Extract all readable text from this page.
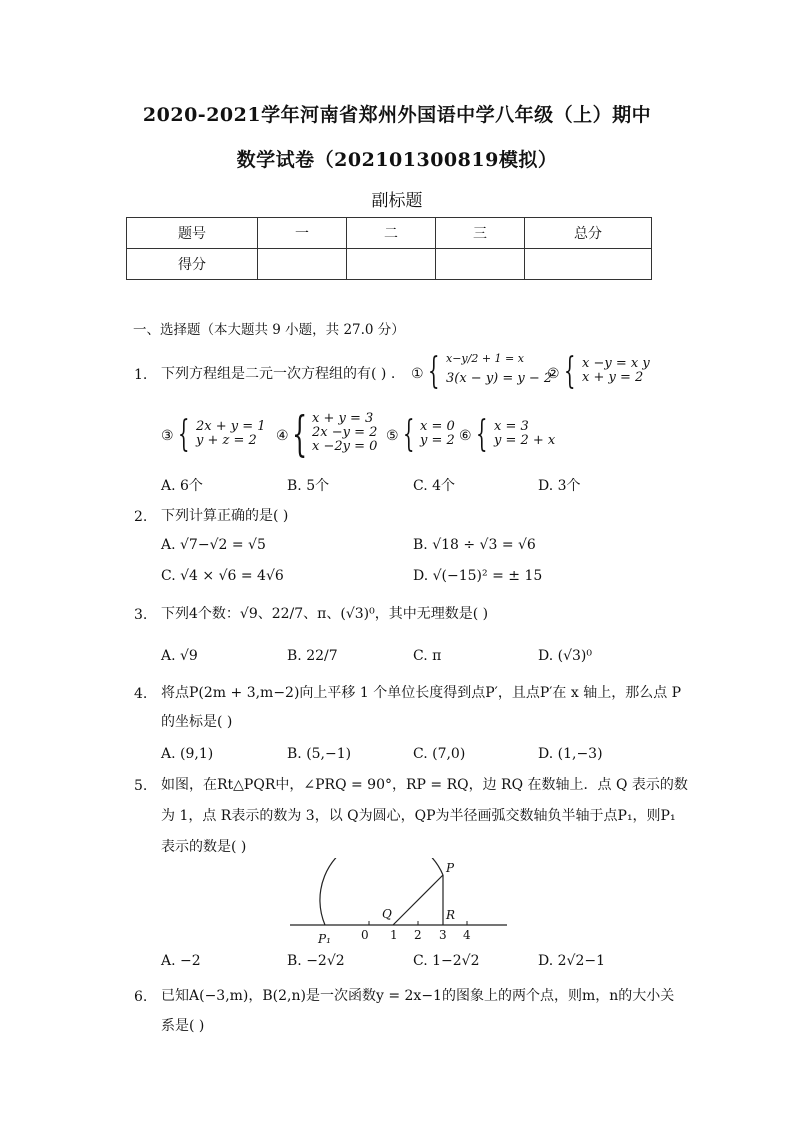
2020-2021学年河南省郑州外国语中学八年级（上）期中
数学试卷（202101300819模拟）
副标题
题号	一	二	三	总分
得分				
一、选择题（本大题共 9 小题，共 27.0 分）
1. 下列方程组是二元一次方程组的有( ) . ① { x−y/2 + 1 = x
3(x − y) = y − 2
② { x −y = x y
x + y = 2
③ { 2x + y = 1
y + z = 2	④ { x + y = 3
2x −y = 2
x −2y = 0
⑤ { x = 0
y = 2 ⑥ { x = 3
y = 2 + x
A. 6个	B. 5个	C. 4个	D. 3个
2. 下列计算正确的是( )
A. √7−√2 = √5	B. √18 ÷ √3 = √6
C. √4 × √6 = 4√6	D. √(−15)² = ± 15
3. 下列4个数：√9、22/7、π、(√3)⁰，其中无理数是( )
A. √9	B. 22/7	C. π	D. (√3)⁰
4. 将点P(2m + 3,m−2)向上平移 1 个单位长度得到点P′，且点P′在 x 轴上，那么点 P
的坐标是( )
A. (9,1)	B. (5,−1)	C. (7,0)	D. (1,−3)
5. 如图，在Rt△PQR中，∠PRQ = 90°，RP = RQ，边 RQ 在数轴上．点 Q 表示的数
为 1，点 R表示的数为 3，以 Q为圆心，QP为半径画弧交数轴负半轴于点P₁，则P₁
表示的数是( )
P
Q	R
P₁	0 1 2 3 4
A. −2	B. −2√2	C. 1−2√2	D. 2√2−1
6. 已知A(−3,m)，B(2,n)是一次函数y = 2x−1的图象上的两个点，则m，n的大小关
系是( )
